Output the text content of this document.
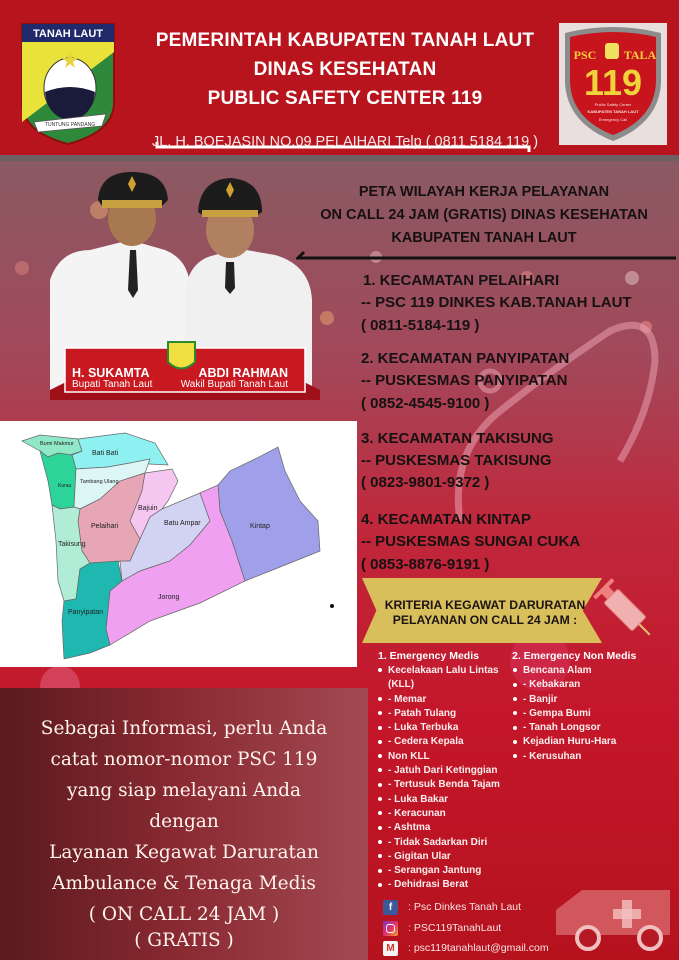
TANAH LAUT
TUNTUNG PANDANG
PEMERINTAH KABUPATEN TANAH LAUT
DINAS KESEHATAN
PUBLIC SAFETY CENTER 119
JL. H. BOEJASIN NO.09 PELAIHARI Telp ( 0811 5184 119 )
PSC TALA
119
Public Safety Center
KABUPATEN TANAH LAUT
Emergency Call
H. SUKAMTA
Bupati Tanah Laut
ABDI RAHMAN
Wakil Bupati Tanah Laut
PETA WILAYAH KERJA PELAYANAN
ON CALL 24 JAM (GRATIS) DINAS KESEHATAN
KABUPATEN TANAH LAUT
1. KECAMATAN PELAIHARI
-- PSC 119 DINKES KAB.TANAH LAUT
( 0811-5184-119 )
2. KECAMATAN PANYIPATAN
-- PUSKESMAS PANYIPATAN
( 0852-4545-9100 )
3. KECAMATAN TAKISUNG
-- PUSKESMAS TAKISUNG
( 0823-9801-9372 )
4. KECAMATAN KINTAP
-- PUSKESMAS SUNGAI CUKA
( 0853-8876-9191 )
Bumi Makmur
Bati Bati
Kurau
Tambang Ulang
Bajuin
Pelaihari	Batu Ampar	Kintap
Takisung
Jorong
Panyipatan
KRITERIA KEGAWAT DARURATAN
PELAYANAN ON CALL 24 JAM :
1. Emergency Medis
Kecelakaan Lalu Lintas
(KLL)
- Memar
- Patah Tulang
- Luka Terbuka
- Cedera Kepala
Non KLL
- Jatuh Dari Ketinggian
- Tertusuk Benda Tajam
- Luka Bakar
- Keracunan
- Ashtma
- Tidak Sadarkan Diri
- Gigitan Ular
- Serangan Jantung
- Dehidrasi Berat
2. Emergency Non Medis
Bencana Alam
- Kebakaran
- Banjir
- Gempa Bumi
- Tanah Longsor
Kejadian Huru-Hara
- Kerusuhan
Sebagai Informasi, perlu Anda
catat nomor-nomor PSC 119
yang siap melayani Anda
dengan
Layanan Kegawat Daruratan
Ambulance & Tenaga Medis
( ON CALL 24 JAM )
( GRATIS )
f	: Psc Dinkes Tanah Laut
: PSC119TanahLaut
M	: psc119tanahlaut@gmail.com
